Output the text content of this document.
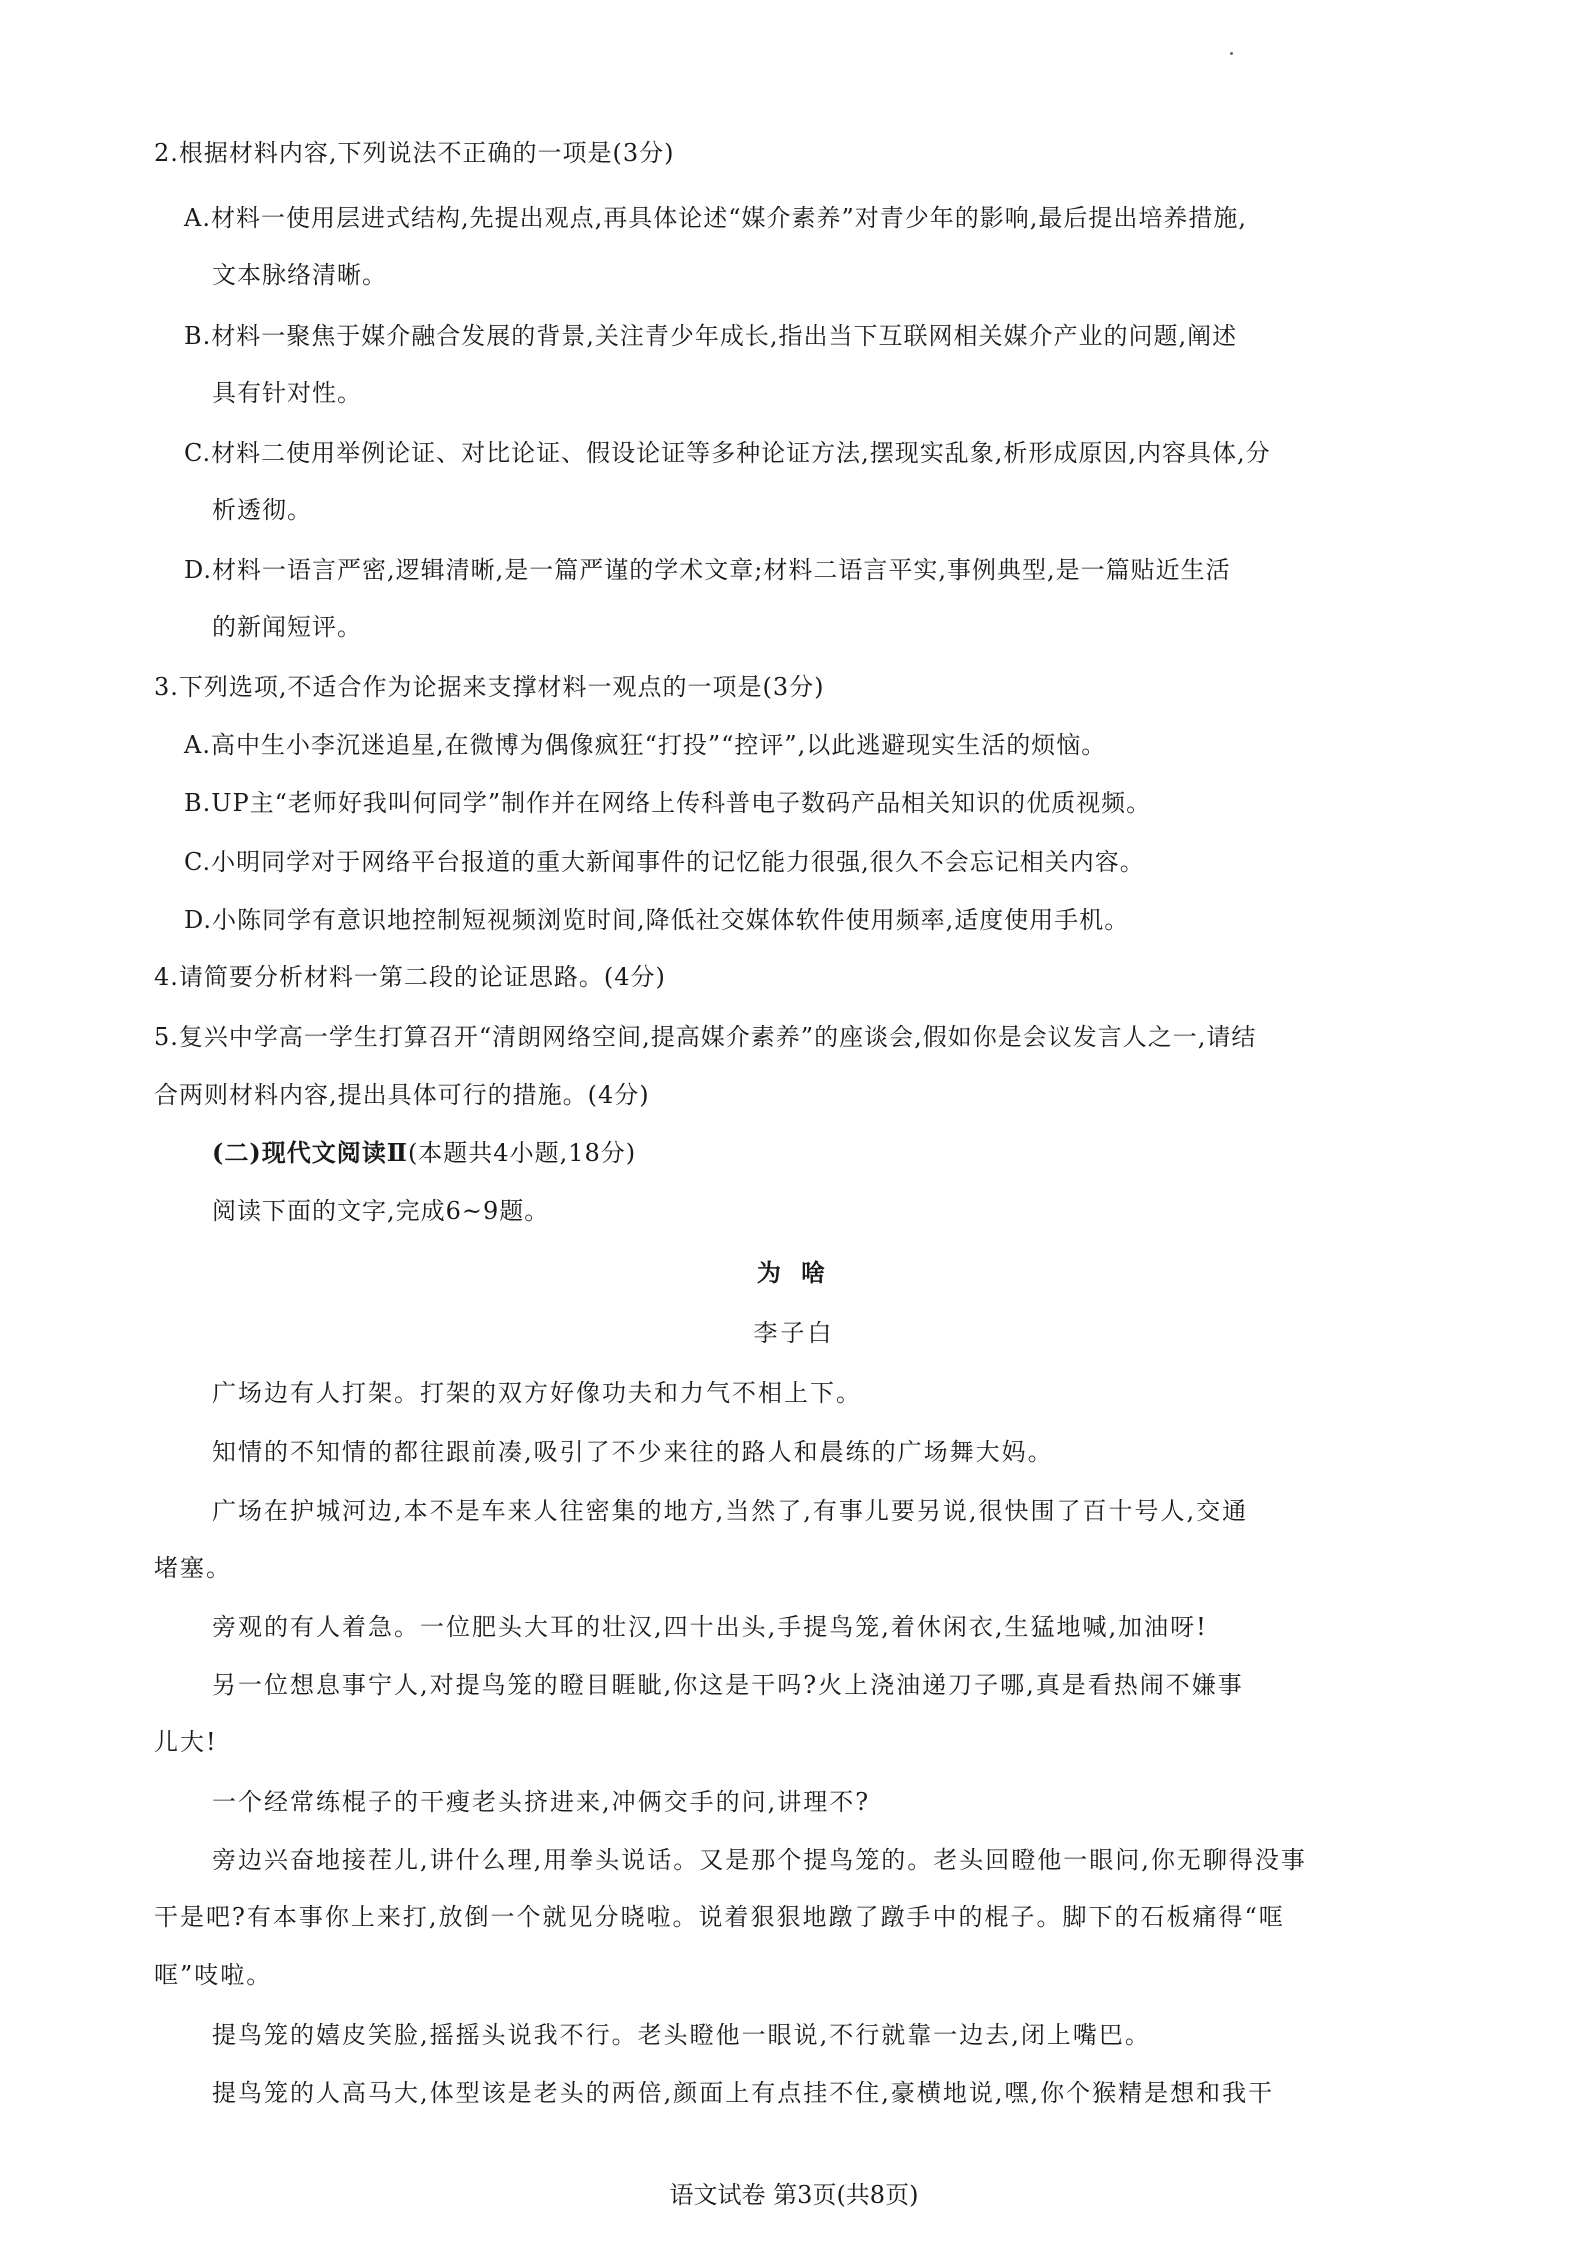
2.根据材料内容,下列说法不正确的一项是(3分)
A.材料一使用层进式结构,先提出观点,再具体论述“媒介素养”对青少年的影响,最后提出培养措施,
文本脉络清晰。
B.材料一聚焦于媒介融合发展的背景,关注青少年成长,指出当下互联网相关媒介产业的问题,阐述
具有针对性。
C.材料二使用举例论证、对比论证、假设论证等多种论证方法,摆现实乱象,析形成原因,内容具体,分
析透彻。
D.材料一语言严密,逻辑清晰,是一篇严谨的学术文章;材料二语言平实,事例典型,是一篇贴近生活
的新闻短评。
3.下列选项,不适合作为论据来支撑材料一观点的一项是(3分)
A.高中生小李沉迷追星,在微博为偶像疯狂“打投”“控评”,以此逃避现实生活的烦恼。
B.UP主“老师好我叫何同学”制作并在网络上传科普电子数码产品相关知识的优质视频。
C.小明同学对于网络平台报道的重大新闻事件的记忆能力很强,很久不会忘记相关内容。
D.小陈同学有意识地控制短视频浏览时间,降低社交媒体软件使用频率,适度使用手机。
4.请简要分析材料一第二段的论证思路。(4分)
5.复兴中学高一学生打算召开“清朗网络空间,提高媒介素养”的座谈会,假如你是会议发言人之一,请结
合两则材料内容,提出具体可行的措施。(4分)
(二)现代文阅读Ⅱ(本题共4小题,18分)
阅读下面的文字,完成6~9题。
为 啥
李子白
广场边有人打架。打架的双方好像功夫和力气不相上下。
知情的不知情的都往跟前凑,吸引了不少来往的路人和晨练的广场舞大妈。
广场在护城河边,本不是车来人往密集的地方,当然了,有事儿要另说,很快围了百十号人,交通
堵塞。
旁观的有人着急。一位肥头大耳的壮汉,四十出头,手提鸟笼,着休闲衣,生猛地喊,加油呀!
另一位想息事宁人,对提鸟笼的瞪目睚眦,你这是干吗?火上浇油递刀子哪,真是看热闹不嫌事
儿大!
一个经常练棍子的干瘦老头挤进来,冲俩交手的问,讲理不?
旁边兴奋地接茬儿,讲什么理,用拳头说话。又是那个提鸟笼的。老头回瞪他一眼问,你无聊得没事
干是吧?有本事你上来打,放倒一个就见分晓啦。说着狠狠地蹾了蹾手中的棍子。脚下的石板痛得“哐
哐”吱啦。
提鸟笼的嬉皮笑脸,摇摇头说我不行。老头瞪他一眼说,不行就靠一边去,闭上嘴巴。
提鸟笼的人高马大,体型该是老头的两倍,颜面上有点挂不住,豪横地说,嘿,你个猴精是想和我干
语文试卷 第3页(共8页)
